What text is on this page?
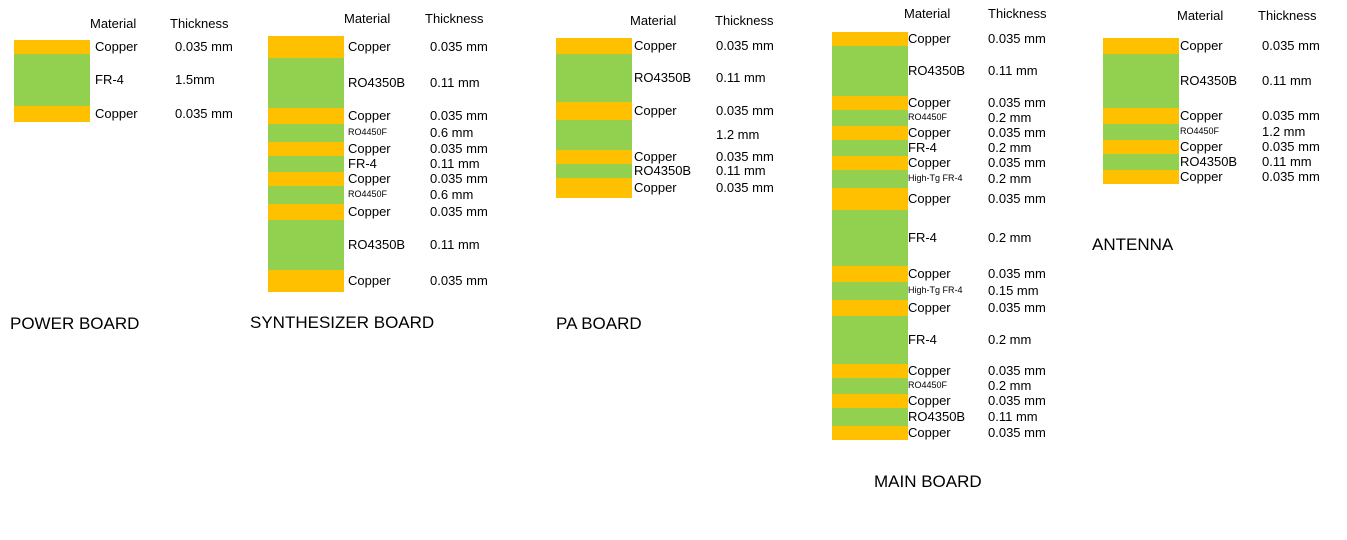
Material	Thickness
Copper	0.035 mm
FR-4	1.5mm
Copper	0.035 mm
POWER BOARD
Material	Thickness
Copper	0.035 mm
RO4350B 0.11 mm
Copper	0.035 mm
RO4450F	0.6 mm
Copper	0.035 mm
FR-4	0.11 mm
Copper	0.035 mm
RO4450F	0.6 mm
Copper	0.035 mm
RO4350B 0.11 mm
Copper	0.035 mm
SYNTHESIZER BOARD
Material	Thickness
Copper	0.035 mm
RO4350B 0.11 mm
Copper	0.035 mm
1.2 mm
Copper	0.035 mm
RO4350B 0.11 mm
Copper	0.035 mm
PA BOARD
Material	Thickness
Copper	0.035 mm
RO4350B 0.11 mm
Copper	0.035 mm
RO4450F	0.2 mm
Copper	0.035 mm
FR-4	0.2 mm
Copper	0.035 mm
High-Tg FR-4 0.2 mm
Copper	0.035 mm
FR-4	0.2 mm
Copper	0.035 mm
High-Tg FR-4 0.15 mm
Copper	0.035 mm
FR-4	0.2 mm
Copper	0.035 mm
RO4450F	0.2 mm
Copper	0.035 mm
RO4350B 0.11 mm
Copper	0.035 mm
MAIN BOARD
Material	Thickness
Copper	0.035 mm
RO4350B 0.11 mm
Copper	0.035 mm
RO4450F	1.2 mm
Copper	0.035 mm
RO4350B 0.11 mm
Copper	0.035 mm
ANTENNA
